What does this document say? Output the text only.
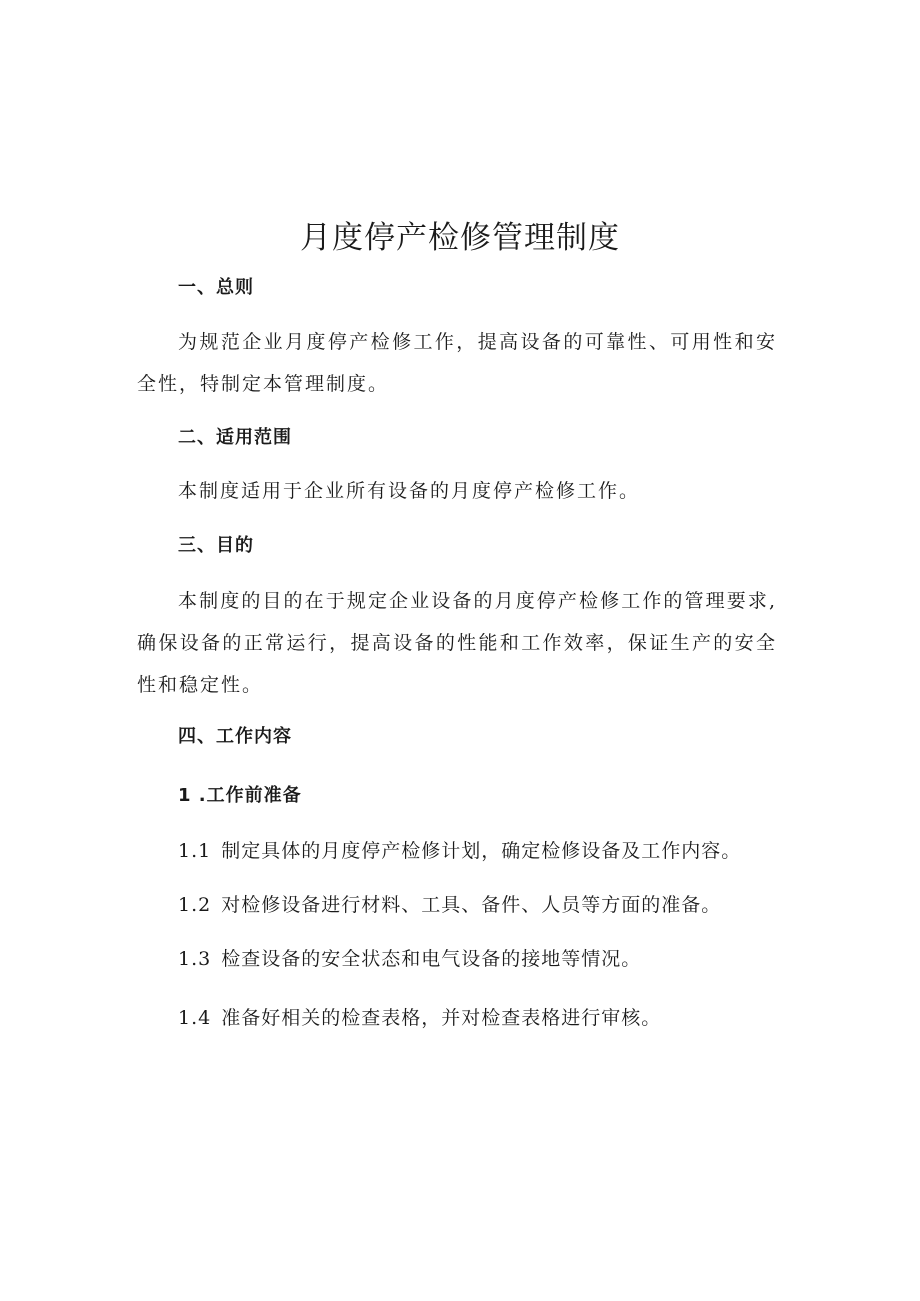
月度停产检修管理制度
一、总则

为规范企业月度停产检修工作，提高设备的可靠性、可用性和安全性，特制定本管理制度。

二、适用范围

本制度适用于企业所有设备的月度停产检修工作。

三、目的

本制度的目的在于规定企业设备的月度停产检修工作的管理要求,确保设备的正常运行，提高设备的性能和工作效率，保证生产的安全性和稳定性。

四、工作内容
1 .工作前准备

1.1 制定具体的月度停产检修计划，确定检修设备及工作内容。

1.2 对检修设备进行材料、工具、备件、人员等方面的准备。

1.3 检查设备的安全状态和电气设备的接地等情况。

1.4 准备好相关的检查表格，并对检查表格进行审核。
